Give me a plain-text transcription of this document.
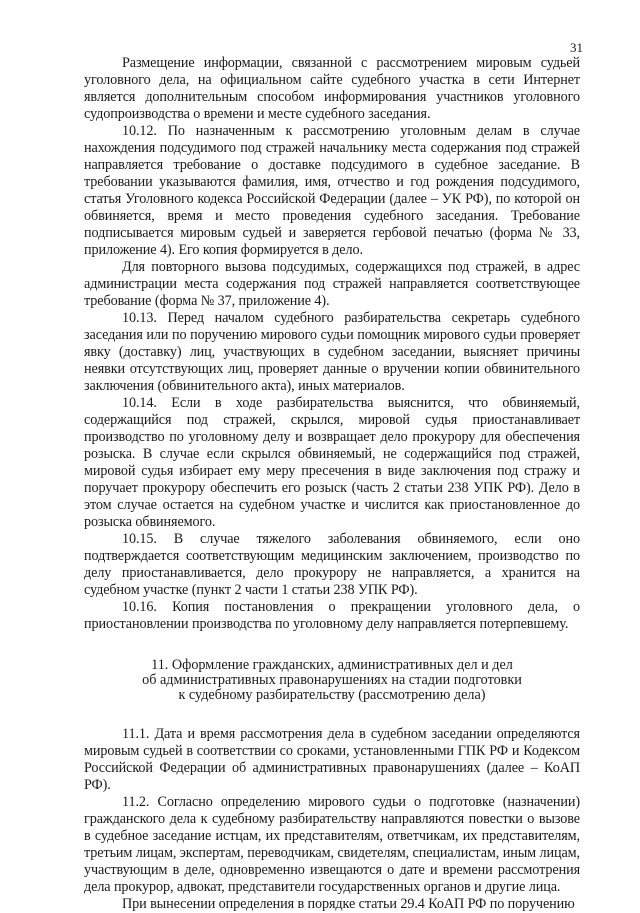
31

Размещение информации, связанной с рассмотрением мировым судьей уголовного дела, на официальном сайте судебного участка в сети Интернет является дополнительным способом информирования участников уголовного судопроизводства о времени и месте судебного заседания.

10.12. По назначенным к рассмотрению уголовным делам в случае нахождения подсудимого под стражей начальнику места содержания под стражей направляется требование о доставке подсудимого в судебное заседание. В требовании указываются фамилия, имя, отчество и год рождения подсудимого, статья Уголовного кодекса Российской Федерации (далее – УК РФ), по которой он обвиняется, время и место проведения судебного заседания. Требование подписывается мировым судьей и заверяется гербовой печатью (форма № 33, приложение 4). Его копия формируется в дело.

Для повторного вызова подсудимых, содержащихся под стражей, в адрес администрации места содержания под стражей направляется соответствующее требование (форма № 37, приложение 4).

10.13. Перед началом судебного разбирательства секретарь судебного заседания или по поручению мирового судьи помощник мирового судьи проверяет явку (доставку) лиц, участвующих в судебном заседании, выясняет причины неявки отсутствующих лиц, проверяет данные о вручении копии обвинительного заключения (обвинительного акта), иных материалов.

10.14. Если в ходе разбирательства выяснится, что обвиняемый, содержащийся под стражей, скрылся, мировой судья приостанавливает производство по уголовному делу и возвращает дело прокурору для обеспечения розыска. В случае если скрылся обвиняемый, не содержащийся под стражей, мировой судья избирает ему меру пресечения в виде заключения под стражу и поручает прокурору обеспечить его розыск (часть 2 статьи 238 УПК РФ). Дело в этом случае остается на судебном участке и числится как приостановленное до розыска обвиняемого.

10.15. В случае тяжелого заболевания обвиняемого, если оно подтверждается соответствующим медицинским заключением, производство по делу приостанавливается, дело прокурору не направляется, а хранится на судебном участке (пункт 2 части 1 статьи 238 УПК РФ).

10.16. Копия постановления о прекращении уголовного дела, о приостановлении производства по уголовному делу направляется потерпевшему.

11. Оформление гражданских, административных дел и дел
об административных правонарушениях на стадии подготовки
к судебному разбирательству (рассмотрению дела)

11.1. Дата и время рассмотрения дела в судебном заседании определяются мировым судьей в соответствии со сроками, установленными ГПК РФ и Кодексом Российской Федерации об административных правонарушениях (далее – КоАП РФ).

11.2. Согласно определению мирового судьи о подготовке (назначении) гражданского дела к судебному разбирательству направляются повестки о вызове в судебное заседание истцам, их представителям, ответчикам, их представителям, третьим лицам, экспертам, переводчикам, свидетелям, специалистам, иным лицам, участвующим в деле, одновременно извещаются о дате и времени рассмотрения дела прокурор, адвокат, представители государственных органов и другие лица.

При вынесении определения в порядке статьи 29.4 КоАП РФ по поручению
